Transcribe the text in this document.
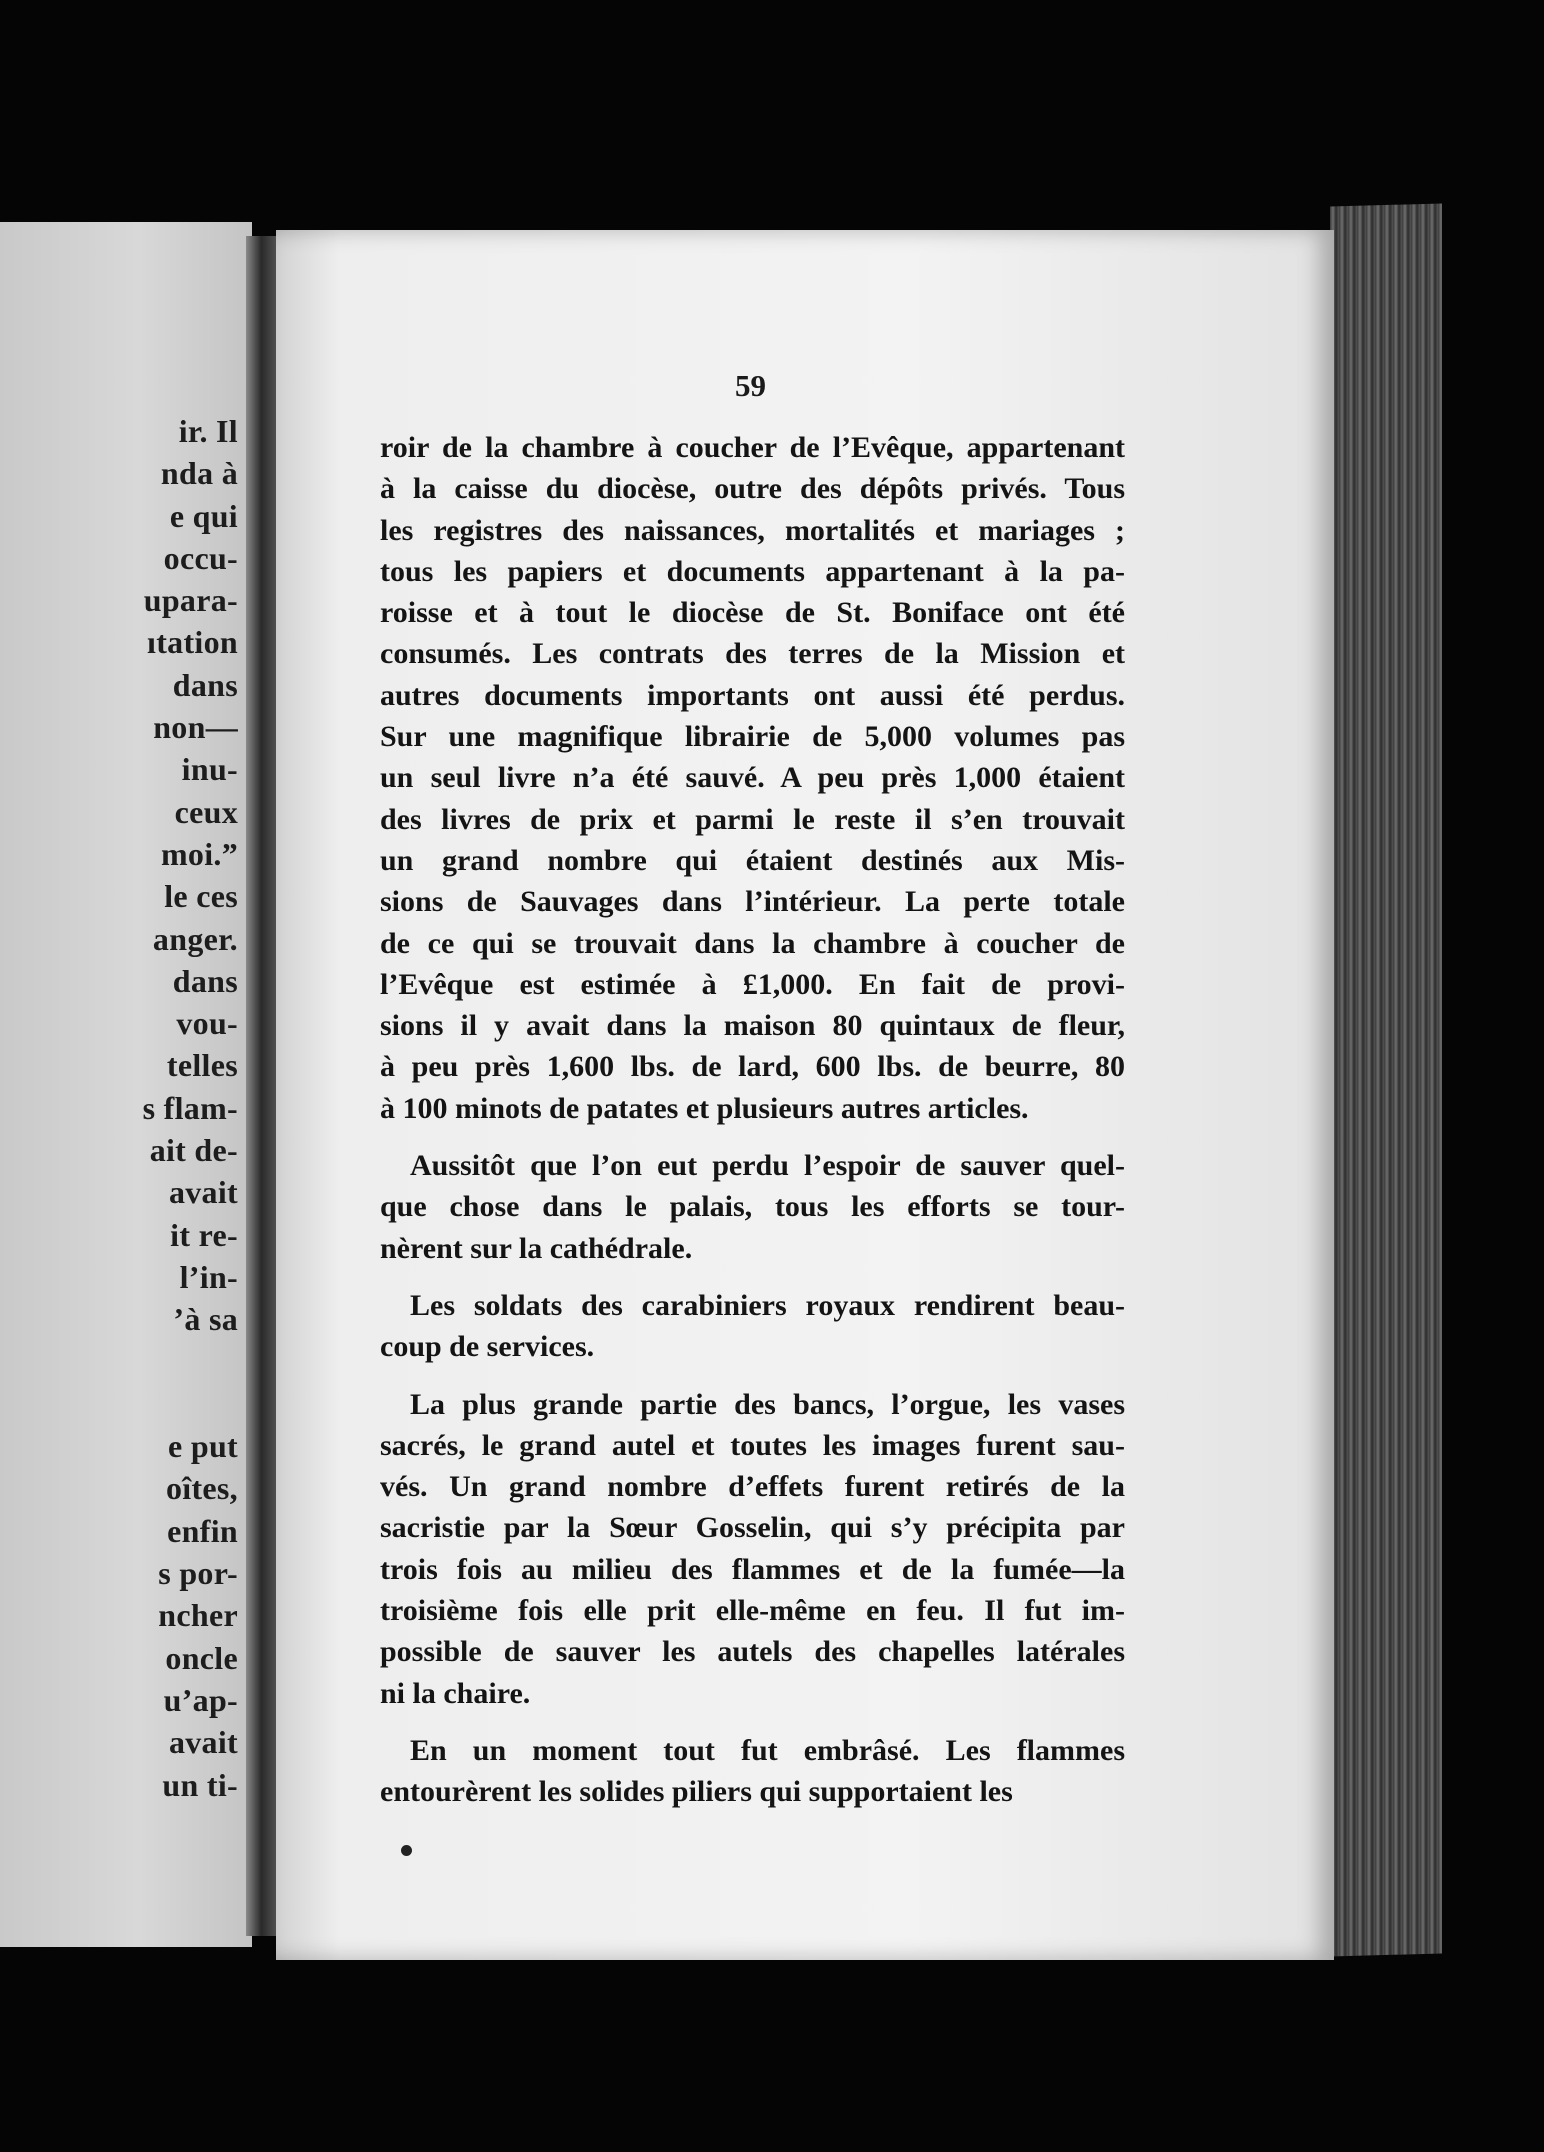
ir. Il
nda à
e qui
occu-
upara-
ıtation
dans
non—
inu-
ceux
moi.”
le ces
anger.
dans
vou-
telles
s flam-
ait de-
avait
it re-
l’in-
’à sa

e put
oîtes,
enfin
s por-
ncher
oncle
u’ap-
avait
un ti-
59
roir de la chambre à coucher de l’Evêque, appartenant
à la caisse du diocèse, outre des dépôts privés. Tous
les registres des naissances, mortalités et mariages ;
tous les papiers et documents appartenant à la pa-
roisse et à tout le diocèse de St. Boniface ont été
consumés. Les contrats des terres de la Mission et
autres documents importants ont aussi été perdus.
Sur une magnifique librairie de 5,000 volumes pas
un seul livre n’a été sauvé. A peu près 1,000 étaient
des livres de prix et parmi le reste il s’en trouvait
un grand nombre qui étaient destinés aux Mis-
sions de Sauvages dans l’intérieur. La perte totale
de ce qui se trouvait dans la chambre à coucher de
l’Evêque est estimée à £1,000. En fait de provi-
sions il y avait dans la maison 80 quintaux de fleur,
à peu près 1,600 lbs. de lard, 600 lbs. de beurre, 80
à 100 minots de patates et plusieurs autres articles.
Aussitôt que l’on eut perdu l’espoir de sauver quel-
que chose dans le palais, tous les efforts se tour-
nèrent sur la cathédrale.
Les soldats des carabiniers royaux rendirent beau-
coup de services.
La plus grande partie des bancs, l’orgue, les vases
sacrés, le grand autel et toutes les images furent sau-
vés. Un grand nombre d’effets furent retirés de la
sacristie par la Sœur Gosselin, qui s’y précipita par
trois fois au milieu des flammes et de la fumée—la
troisième fois elle prit elle-même en feu. Il fut im-
possible de sauver les autels des chapelles latérales
ni la chaire.
En un moment tout fut embrâsé. Les flammes
entourèrent les solides piliers qui supportaient les
